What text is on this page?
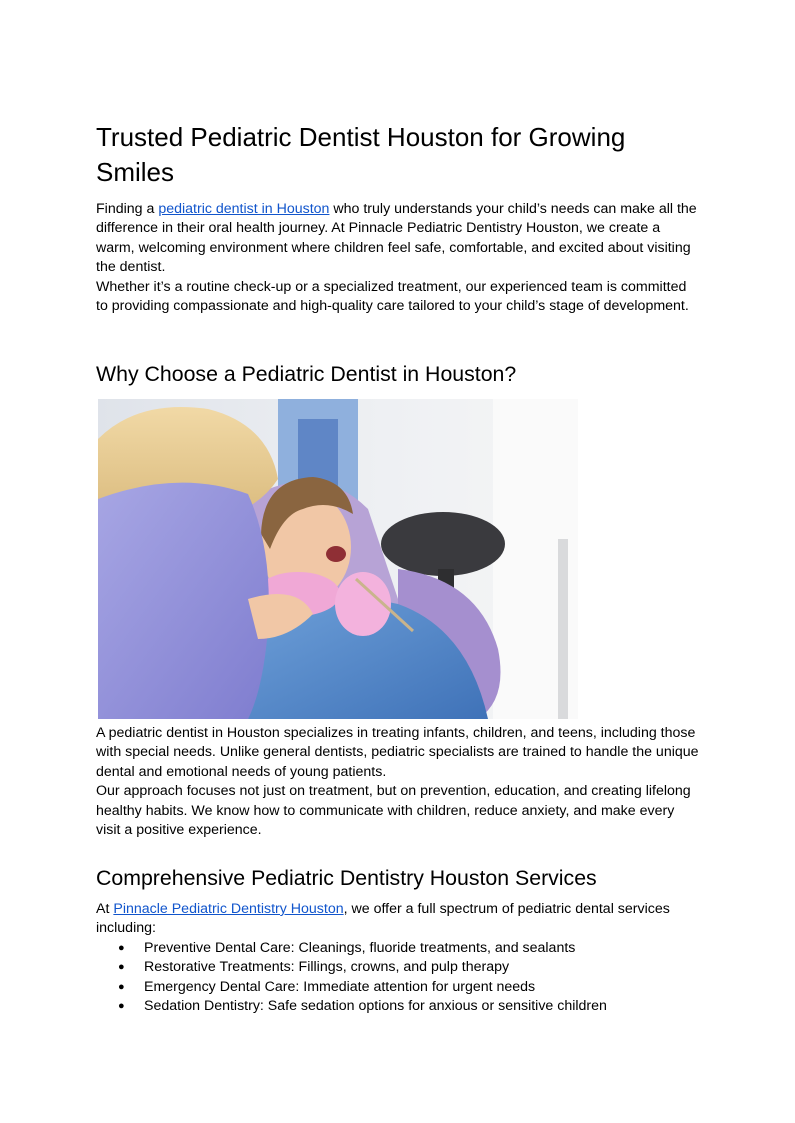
Trusted Pediatric Dentist Houston for Growing Smiles

Finding a pediatric dentist in Houston who truly understands your child’s needs can make all the difference in their oral health journey. At Pinnacle Pediatric Dentistry Houston, we create a warm, welcoming environment where children feel safe, comfortable, and excited about visiting the dentist.

Whether it’s a routine check-up or a specialized treatment, our experienced team is committed to providing compassionate and high-quality care tailored to your child’s stage of development.

Why Choose a Pediatric Dentist in Houston?

A pediatric dentist in Houston specializes in treating infants, children, and teens, including those with special needs. Unlike general dentists, pediatric specialists are trained to handle the unique dental and emotional needs of young patients.

Our approach focuses not just on treatment, but on prevention, education, and creating lifelong healthy habits. We know how to communicate with children, reduce anxiety, and make every visit a positive experience.

Comprehensive Pediatric Dentistry Houston Services

At Pinnacle Pediatric Dentistry Houston, we offer a full spectrum of pediatric dental services including:

● Preventive Dental Care: Cleanings, fluoride treatments, and sealants
● Restorative Treatments: Fillings, crowns, and pulp therapy
● Emergency Dental Care: Immediate attention for urgent needs
● Sedation Dentistry: Safe sedation options for anxious or sensitive children
